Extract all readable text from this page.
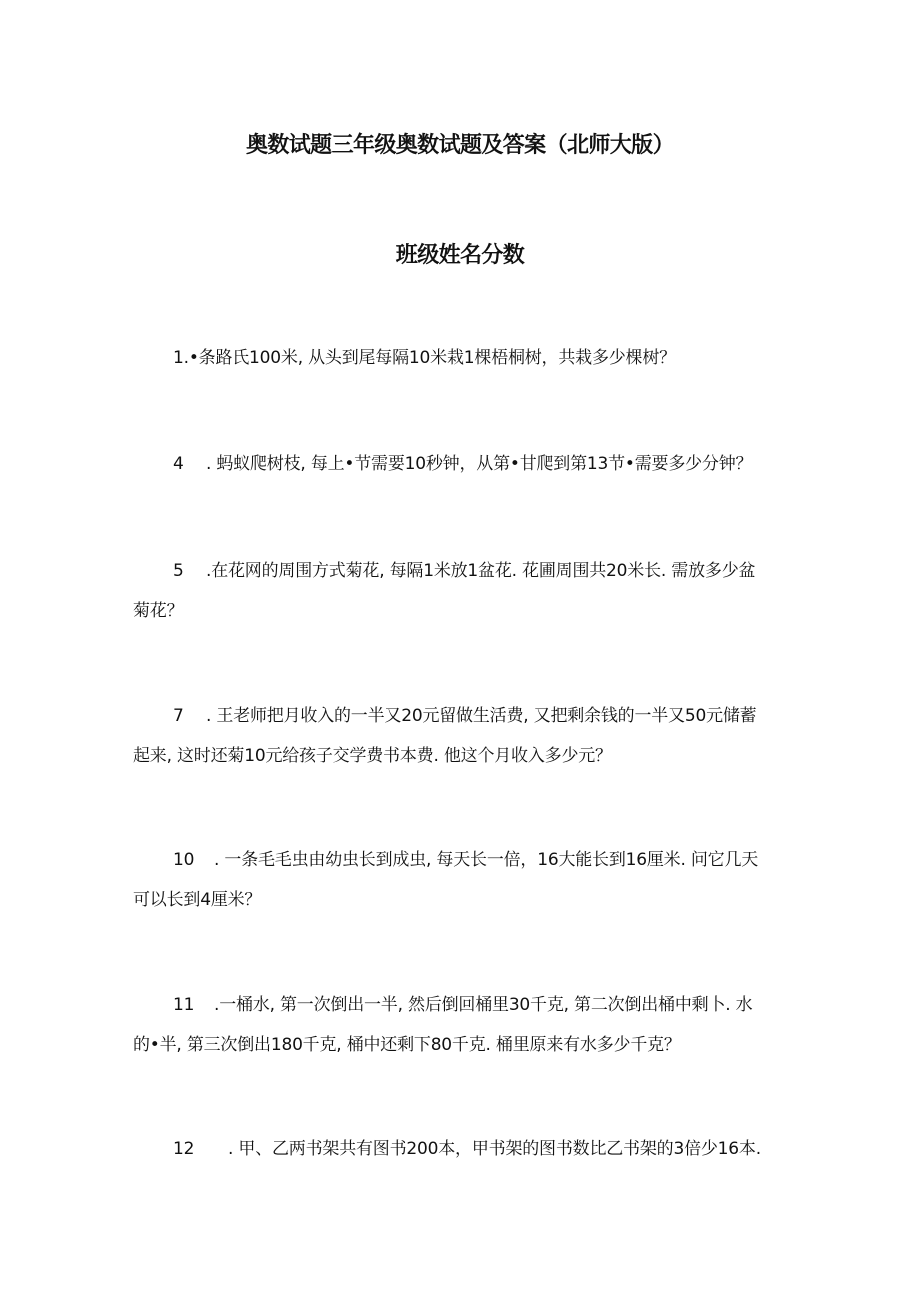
奥数试题三年级奥数试题及答案（北师大版）
班级姓名分数
1.•条路氏100米, 从头到尾每隔10米栽1棵梧桐树，共栽多少棵树？
4 . 蚂蚁爬树枝, 每上•节需要10秒钟，从第•甘爬到第13节•需要多少分钟？
5 .在花网的周围方式菊花, 每隔1米放1盆花. 花圃周围共20米长. 需放多少盆
菊花？
7 . 王老师把月收入的一半又20元留做生活费, 又把剩余钱的一半又50元储蓄
起来, 这时还菊10元给孩子交学费书本费. 他这个月收入多少元？
10 . 一条毛毛虫由幼虫长到成虫, 每天长一倍，16大能长到16厘米. 问它几天
可以长到4厘米？
11 .一桶水, 第一次倒出一半, 然后倒回桶里30千克, 第二次倒出桶中剩卜. 水
的•半, 第三次倒出180千克, 桶中还剩下80千克. 桶里原来有水多少千克？
12 . 甲、乙两书架共有图书200本，甲书架的图书数比乙书架的3倍少16本.
